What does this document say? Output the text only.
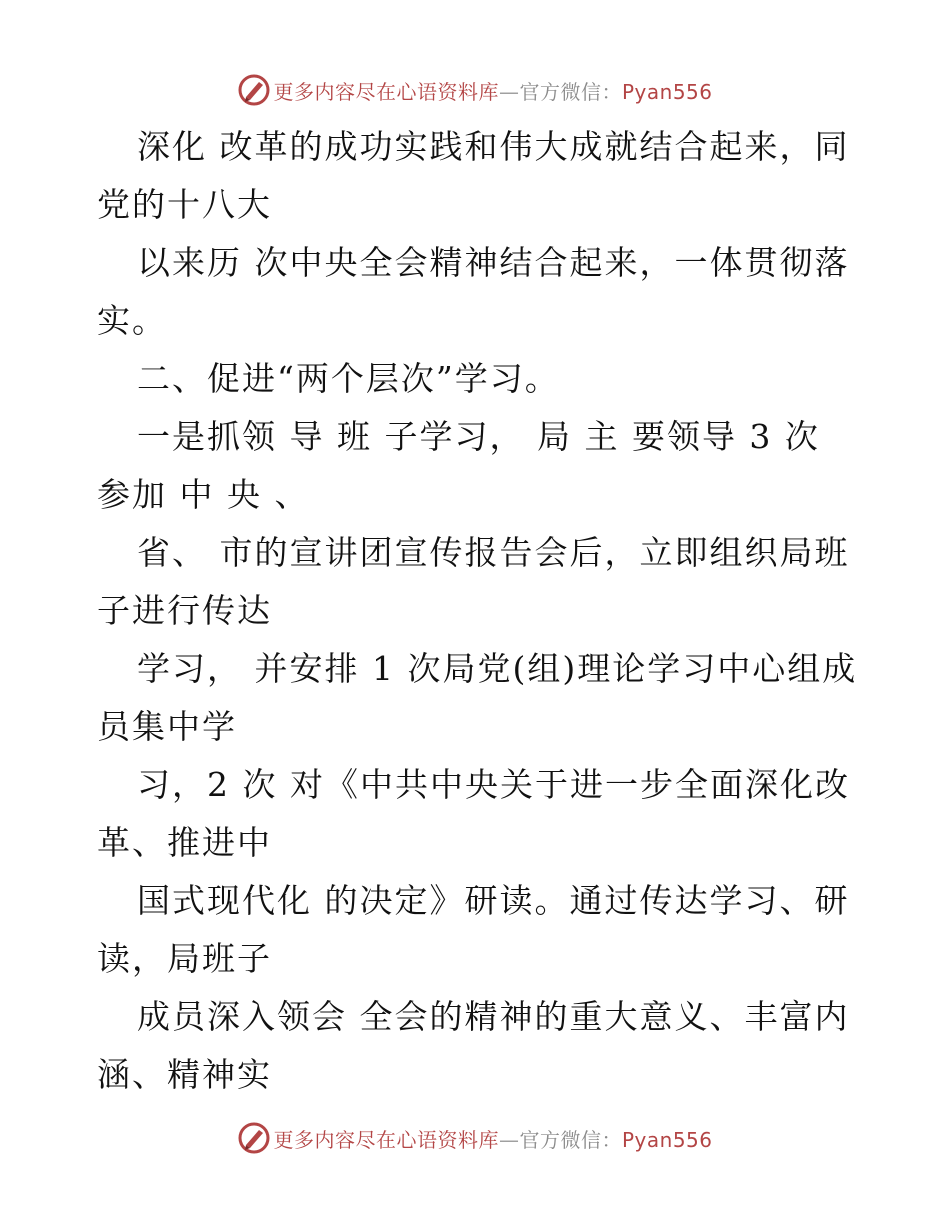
更多内容尽在心语资料库—官方微信：Pyan556
深化 改革的成功实践和伟大成就结合起来，同
党的十八大
以来历 次中央全会精神结合起来，一体贯彻落
实。
二、促进“两个层次”学习。
一是抓领 导 班 子学习， 局 主 要领导 3 次
参加 中 央 、
省、 市的宣讲团宣传报告会后，立即组织局班
子进行传达
学习， 并安排 1 次局党(组)理论学习中心组成
员集中学
习，2 次 对《中共中央关于进一步全面深化改
革、推进中
国式现代化 的决定》研读。通过传达学习、研
读，局班子
成员深入领会 全会的精神的重大意义、丰富内
涵、精神实
更多内容尽在心语资料库—官方微信：Pyan556
